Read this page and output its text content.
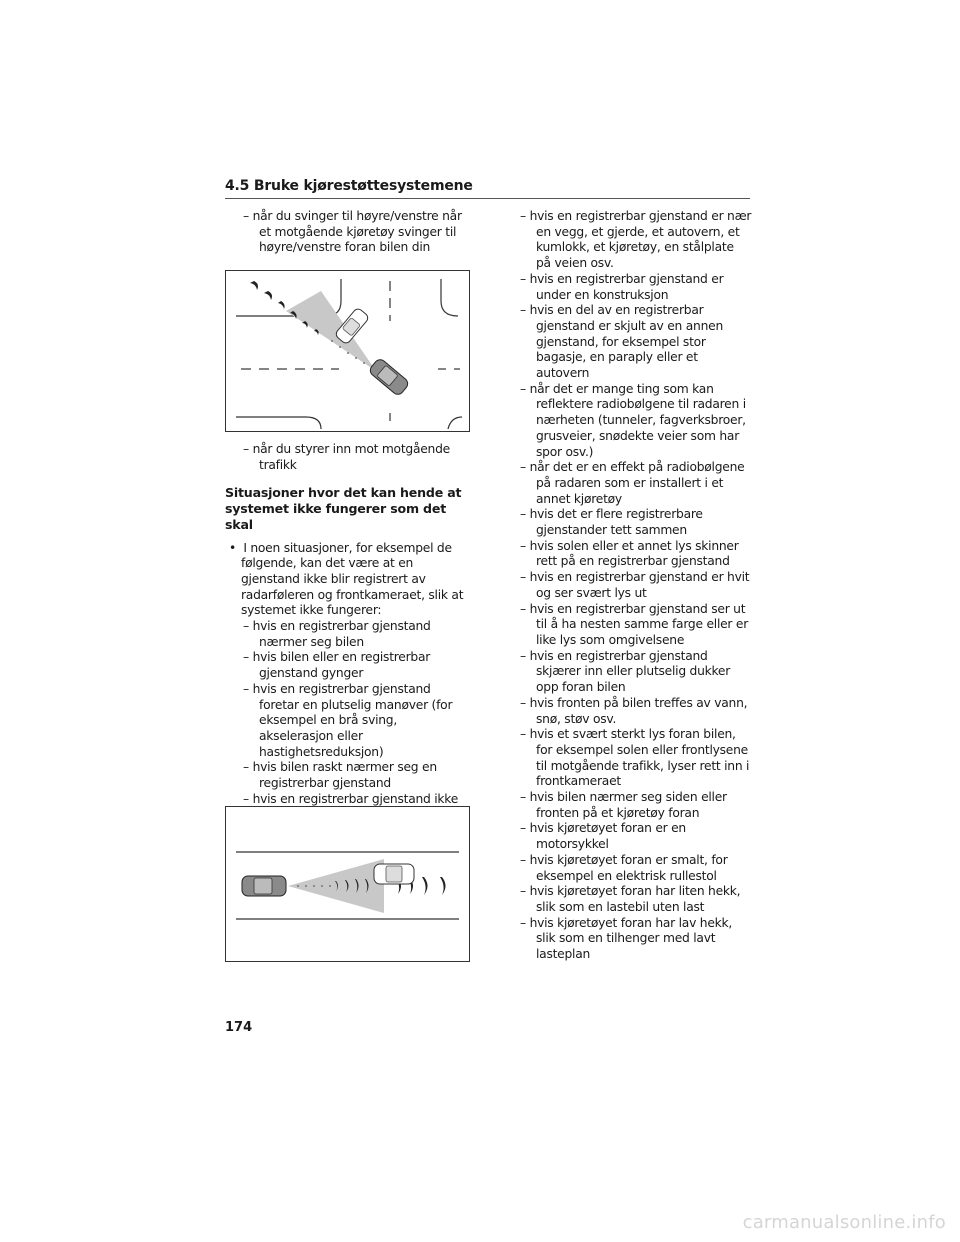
4.5 Bruke kjørestøttesystemene

– når du svinger til høyre/venstre når et motgående kjøretøy svinger til høyre/venstre foran bilen din

– når du styrer inn mot motgående trafikk

Situasjoner hvor det kan hende at systemet ikke fungerer som det skal

•  I noen situasjoner, for eksempel de følgende, kan det være at en gjenstand ikke blir registrert av radarføleren og frontkameraet, slik at systemet ikke fungerer:

– hvis en registrerbar gjenstand nærmer seg bilen

– hvis bilen eller en registrerbar gjenstand gynger

– hvis en registrerbar gjenstand foretar en plutselig manøver (for eksempel en brå sving, akselerasjon eller hastighetsreduksjon)

– hvis bilen raskt nærmer seg en registrerbar gjenstand

– hvis en registrerbar gjenstand ikke

– hvis en registrerbar gjenstand er nær en vegg, et gjerde, et autovern, et kumlokk, et kjøretøy, en stålplate på veien osv.

– hvis en registrerbar gjenstand er under en konstruksjon

– hvis en del av en registrerbar gjenstand er skjult av en annen gjenstand, for eksempel stor bagasje, en paraply eller et autovern

– når det er mange ting som kan reflektere radiobølgene til radaren i nærheten (tunneler, fagverksbroer, grusveier, snødekte veier som har spor osv.)

– når det er en effekt på radiobølgene på radaren som er installert i et annet kjøretøy

– hvis det er flere registrerbare gjenstander tett sammen

– hvis solen eller et annet lys skinner rett på en registrerbar gjenstand

– hvis en registrerbar gjenstand er hvit og ser svært lys ut

– hvis en registrerbar gjenstand ser ut til å ha nesten samme farge eller er like lys som omgivelsene

– hvis en registrerbar gjenstand skjærer inn eller plutselig dukker opp foran bilen

– hvis fronten på bilen treffes av vann, snø, støv osv.

– hvis et svært sterkt lys foran bilen, for eksempel solen eller frontlysene til motgående trafikk, lyser rett inn i frontkameraet

– hvis bilen nærmer seg siden eller fronten på et kjøretøy foran

– hvis kjøretøyet foran er en motorsykkel

– hvis kjøretøyet foran er smalt, for eksempel en elektrisk rullestol

– hvis kjøretøyet foran har liten hekk, slik som en lastebil uten last

– hvis kjøretøyet foran har lav hekk, slik som en tilhenger med lavt lasteplan

174
carmanualsonline.info
